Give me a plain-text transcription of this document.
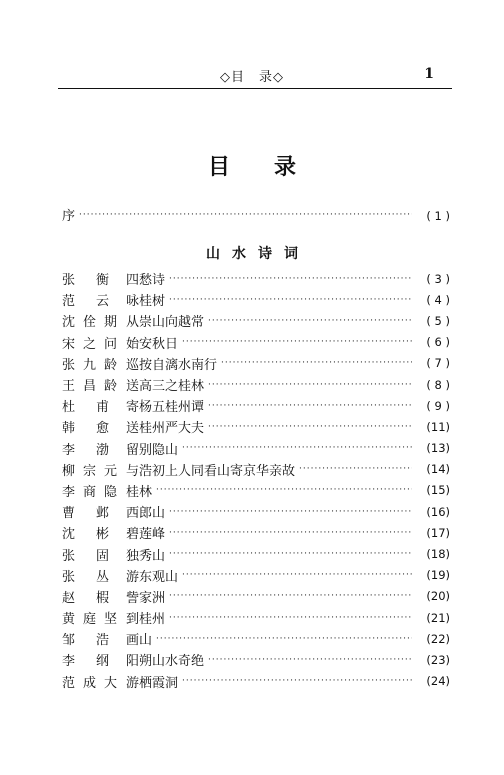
◇目　录◇	1
目录
序 ·····	( 1 )
山水诗词
张衡	四愁诗 ·····	( 3 )
范云	咏桂树 ·····	( 4 )
沈佺期 从崇山向越常 ·····	( 5 )
宋之问 始安秋日 ·····	( 6 )
张九龄 巡按自漓水南行 ·····	( 7 )
王昌龄 送高三之桂林 ·····	( 8 )
杜甫	寄杨五桂州谭 ·····	( 9 )
韩愈	送桂州严大夫 ·····	(11)
李渤	留别隐山 ·····	(13)
柳宗元 与浩初上人同看山寄京华亲故 ·····	(14)
李商隐 桂林 ·····	(15)
曹邺	西郎山 ·····	(16)
沈彬	碧莲峰 ·····	(17)
张固	独秀山 ·····	(18)
张丛	游东观山 ·····	(19)
赵椵	訾家洲 ·····	(20)
黄庭坚 到桂州 ·····	(21)
邹浩	画山 ·····	(22)
李纲	阳朔山水奇绝 ·····	(23)
范成大 游栖霞洞 ·····	(24)
